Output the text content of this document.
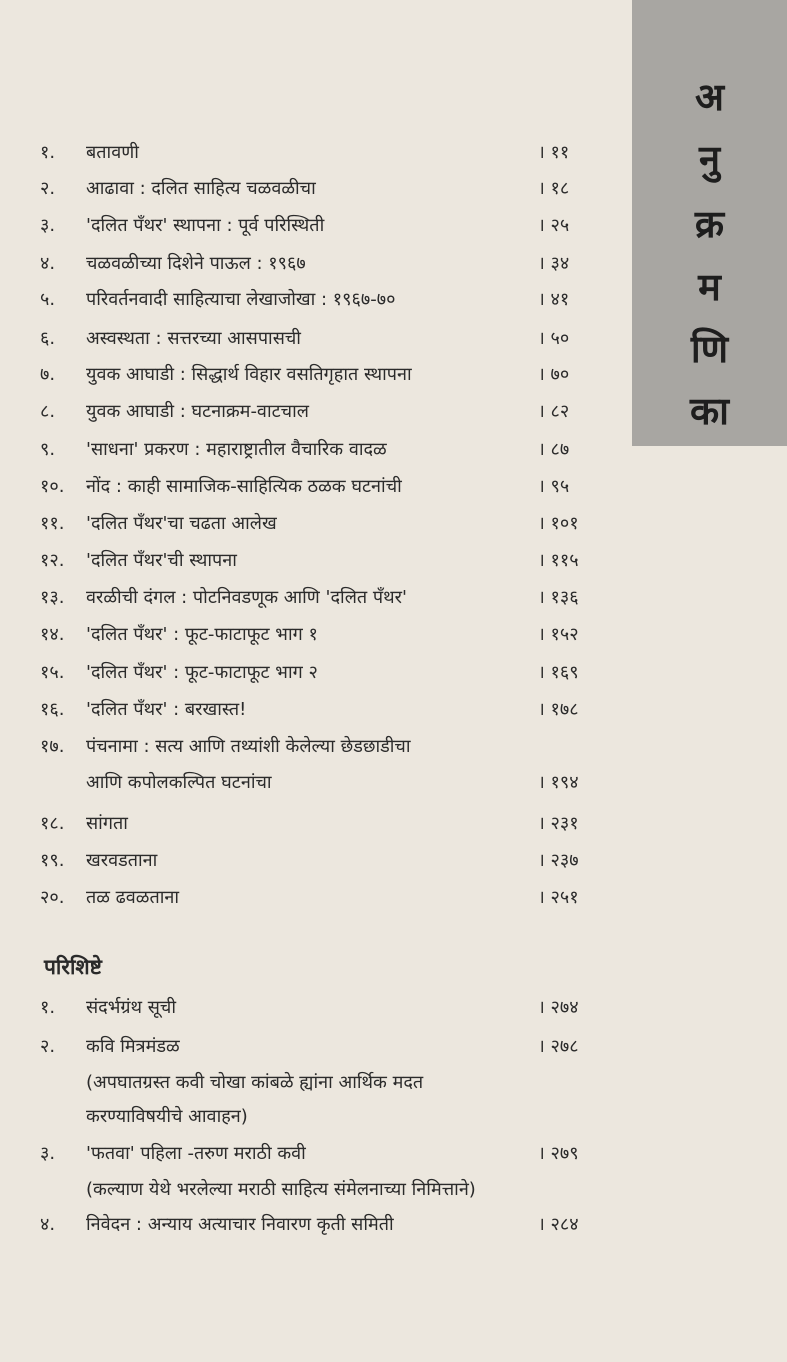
अ
नु
क्र
म
णि
का
१. बतावणी	। ११
२. आढावा : दलित साहित्य चळवळीचा	। १८
३. 'दलित पँथर' स्थापना : पूर्व परिस्थिती	। २५
४. चळवळीच्या दिशेने पाऊल : १९६७	। ३४
५. परिवर्तनवादी साहित्याचा लेखाजोखा : १९६७-७०	। ४१
६. अस्वस्थता : सत्तरच्या आसपासची	। ५०
७. युवक आघाडी : सिद्धार्थ विहार वसतिगृहात स्थापना	। ७०
८. युवक आघाडी : घटनाक्रम-वाटचाल	। ८२
९. 'साधना' प्रकरण : महाराष्ट्रातील वैचारिक वादळ	। ८७
१०. नोंद : काही सामाजिक-साहित्यिक ठळक घटनांची	। ९५
११. 'दलित पँथर'चा चढता आलेख	। १०१
१२. 'दलित पँथर'ची स्थापना	। ११५
१३. वरळीची दंगल : पोटनिवडणूक आणि 'दलित पँथर'	। १३६
१४. 'दलित पँथर' : फूट-फाटाफूट भाग १	। १५२
१५. 'दलित पँथर' : फूट-फाटाफूट भाग २	। १६९
१६. 'दलित पँथर' : बरखास्त!	। १७८
१७. पंचनामा : सत्य आणि तथ्यांशी केलेल्या छेडछाडीचा
आणि कपोलकल्पित घटनांचा	। १९४
१८. सांगता	। २३१
१९. खरवडताना	। २३७
२०. तळ ढवळताना	। २५१
परिशिष्टे
१. संदर्भग्रंथ सूची	। २७४
२. कवि मित्रमंडळ	। २७८
(अपघातग्रस्त कवी चोखा कांबळे ह्यांना आर्थिक मदत
करण्याविषयीचे आवाहन)
३. 'फतवा' पहिला -तरुण मराठी कवी	। २७९
(कल्याण येथे भरलेल्या मराठी साहित्य संमेलनाच्या निमित्ताने)
४. निवेदन : अन्याय अत्याचार निवारण कृती समिती	। २८४
